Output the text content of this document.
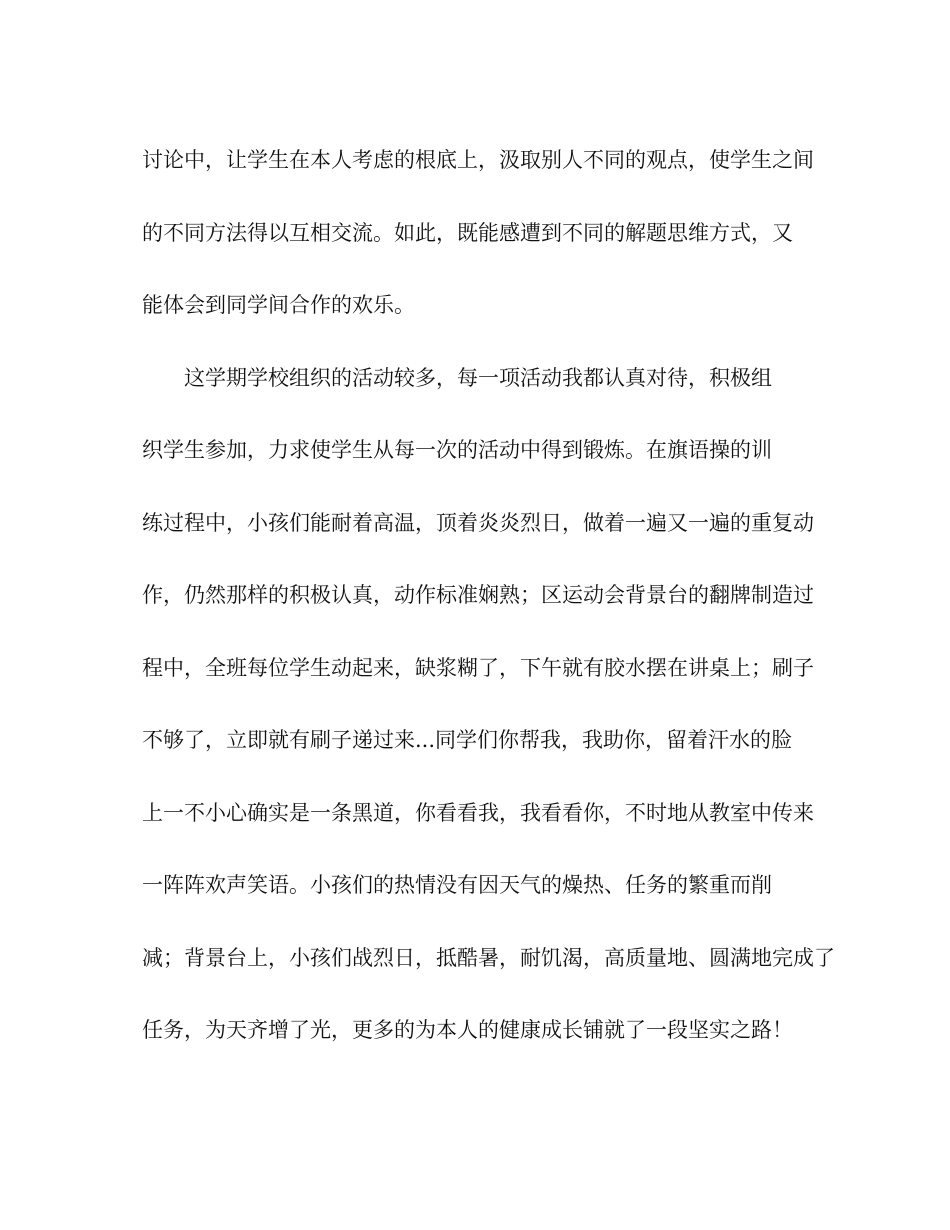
讨论中，让学生在本人考虑的根底上，汲取别人不同的观点，使学生之间
的不同方法得以互相交流。如此，既能感遭到不同的解题思维方式，又
能体会到同学间合作的欢乐。
这学期学校组织的活动较多，每一项活动我都认真对待，积极组
织学生参加，力求使学生从每一次的活动中得到锻炼。在旗语操的训
练过程中，小孩们能耐着高温，顶着炎炎烈日，做着一遍又一遍的重复动
作，仍然那样的积极认真，动作标准娴熟；区运动会背景台的翻牌制造过
程中，全班每位学生动起来，缺浆糊了，下午就有胶水摆在讲桌上；刷子
不够了，立即就有刷子递过来...同学们你帮我，我助你，留着汗水的脸
上一不小心确实是一条黑道，你看看我，我看看你，不时地从教室中传来
一阵阵欢声笑语。小孩们的热情没有因天气的燥热、任务的繁重而削
减；背景台上，小孩们战烈日，抵酷暑，耐饥渴，高质量地、圆满地完成了
任务，为天齐增了光，更多的为本人的健康成长铺就了一段坚实之路！
